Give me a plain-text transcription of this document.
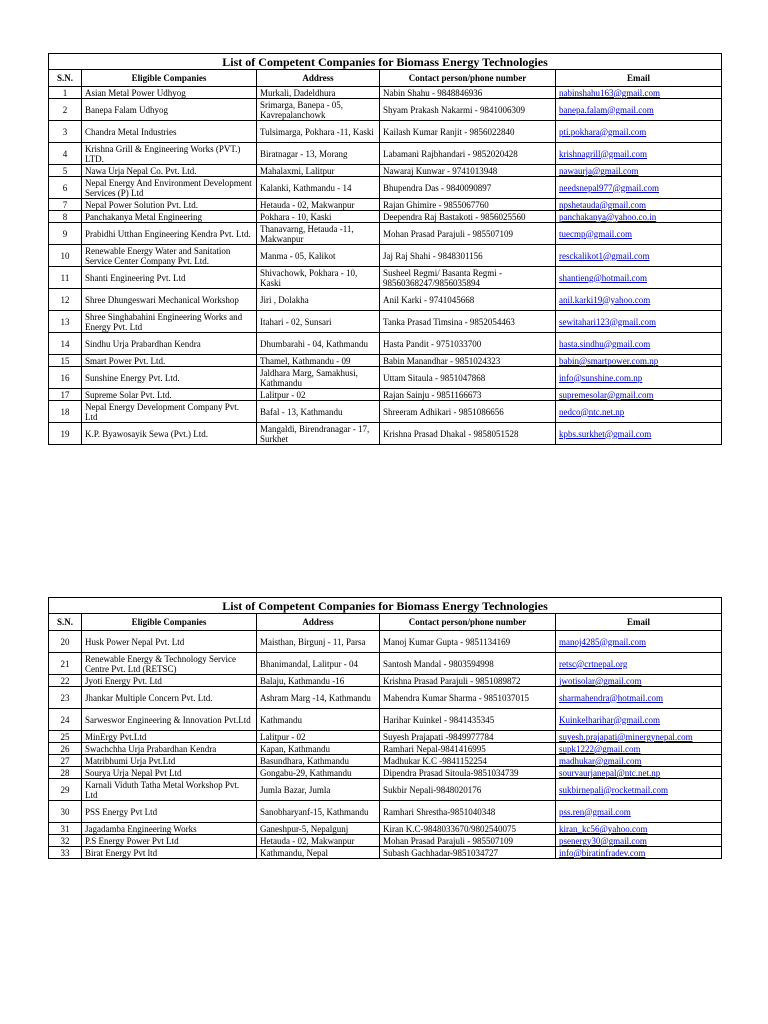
List of Competent Companies for Biomass Energy Technologies				
S.N.	Eligible Companies	Address	Contact person/phone number	Email
1	Asian Metal Power Udhyog	Murkali, Dadeldhura	Nabin Shahu - 9848846936	nabinshahu163@gmail.com
2	Banepa Falam Udhyog	Srimarga, Banepa - 05, Kavrepalanchowk	Shyam Prakash Nakarmi - 9841006309	banepa.falam@gmail.com
3	Chandra Metal Industries	Tulsimarga, Pokhara -11, Kaski	Kailash Kumar Ranjit - 9856022840	pti.pokhara@gmail.com
4	Krishna Grill & Engineering Works (PVT.) LTD.	Biratnagar - 13, Morang	Labamani Rajbhandari - 9852020428	krishnagrill@gmail.com
5	Nawa Urja Nepal Co. Pvt. Ltd.	Mahalaxmi, Lalitpur	Nawaraj Kunwar - 9741013948	nawaurja@gmail.com
6	Nepal Energy And Environment Development Services (P) Ltd	Kalanki, Kathmandu - 14	Bhupendra Das - 9840090897	needsnepal977@gmail.com
7	Nepal Power Solution Pvt. Ltd.	Hetauda - 02, Makwanpur	Rajan Ghimire - 9855067760	npshetauda@gmail.com
8	Panchakanya Metal Engineering	Pokhara - 10, Kaski	Deependra Raj Bastakoti - 9856025560	panchakanya@yahoo.co.in
9	Prabidhi Utthan Engineering Kendra Pvt. Ltd.	Thanavarng, Hetauda -11, Makwanpur	Mohan Prasad Parajuli - 985507109	tuecmp@gmail.com
10	Renewable Energy Water and Sanitation Service Center Company Pvt. Ltd.	Manma - 05, Kalikot	Jaj Raj Shahi - 9848301156	resckalikot1@gmail.com
11	Shanti Engineering Pvt. Ltd	Shivachowk, Pokhara - 10, Kaski	Susheel Regmi/ Basanta Regmi - 98560368247/9856035894	shantieng@hotmail.com
12	Shree Dhungeswari Mechanical Workshop	Jiri , Dolakha	Anil Karki - 9741045668	anil.karki19@yahoo.com
13	Shree Singhabahini Engineering Works and Energy Pvt. Ltd	Itahari - 02, Sunsari	Tanka Prasad Timsina - 9852054463	sewitahari123@gmail.com
14	Sindhu Urja Prabardhan Kendra	Dhumbarahi - 04, Kathmandu	Hasta Pandit - 9751033700	hasta.sindhu@gmail.com
15	Smart Power Pvt. Ltd.	Thamel, Kathmandu - 09	Babin Manandhar - 9851024323	babin@smartpower.com.np
16	Sunshine Energy Pvt. Ltd.	Jaldhara Marg, Samakhusi, Kathmandu	Uttam Sitaula - 9851047868	info@sunshine.com.np
17	Supreme Solar Pvt. Ltd.	Lalitpur - 02	Rajan Sainju - 9851166673	supremesolar@gmail.com
18	Nepal Energy Development Company Pvt. Ltd	Bafal - 13, Kathmandu	Shreeram Adhikari - 9851086656	nedco@ntc.net.np
19	K.P. Byawosayik Sewa (Pvt.) Ltd.	Mangaldi, Birendranagar - 17, Surkhet	Krishna Prasad Dhakal - 9858051528	kpbs.surkhet@gmail.com
List of Competent Companies for Biomass Energy Technologies				
S.N.	Eligible Companies	Address	Contact person/phone number	Email
20	Husk Power Nepal Pvt. Ltd	Maisthan, Birgunj - 11, Parsa	Manoj Kumar Gupta - 9851134169	manoj4285@gmail.com
21	Renewable Energy & Technology Service Centre Pvt. Ltd (RETSC)	Bhanimandal, Lalitpur - 04	Santosh Mandal - 9803594998	retsc@crtnepal.org
22	Jyoti Energy Pvt. Ltd	Balaju, Kathmandu -16	Krishna Prasad Parajuli - 9851089872	jwotisolar@gmail.com
23	Jhankar Multiple Concern Pvt. Ltd.	Ashram Marg -14, Kathmandu	Mahendra Kumar Sharma - 9851037015	sharmahendra@hotmail.com
24	Sarweswor Engineering & Innovation Pvt.Ltd	Kathmandu	Harihar Kuinkel - 9841435345	Kuinkelharihar@gmail.com
25	MinErgy Pvt.Ltd	Lalitpur - 02	Suyesh Prajapati -9849977784	suyesh.prajapati@minergynepal.com
26	Swachchha Urja Prabardhan Kendra	Kapan, Kathmandu	Ramhari Nepal-9841416995	supk1222@gmail.com
27	Matribhumi Urja Pvt.Ltd	Basundhara, Kathmandu	Madhukar K.C -9841152254	madhukar@gmail.com
28	Sourya Urja Nepal Pvt Ltd	Gongabu-29, Kathmandu	Dipendra Prasad Sitoula-9851034739	sourvaurjanepal@ntc.net.np
29	Karnali Viduth Tatha Metal Workshop Pvt. Ltd	Jumla Bazar, Jumla	Sukbir Nepali-9848020176	sukbirnepali@rocketmail.com
30	PSS Energy Pvt Ltd	Sanobharyanf-15, Kathmandu	Ramhari Shrestha-9851040348	pss.ren@gmail.com
31	Jagadamba Engineering Works	Ganeshpur-5, Nepalgunj	Kiran K.C-9848033670/9802540075	kiran_kc56@yahoo.com
32	P.S Energy Power Pvt Ltd	Hetauda - 02, Makwanpur	Mohan Prasad Parajuli - 985507109	psenergy30@gmail.com
33	Birat Energy Pvt ltd	Kathmandu, Nepal	Subash Gachhadar-9851034727	info@biratinfradev.com
